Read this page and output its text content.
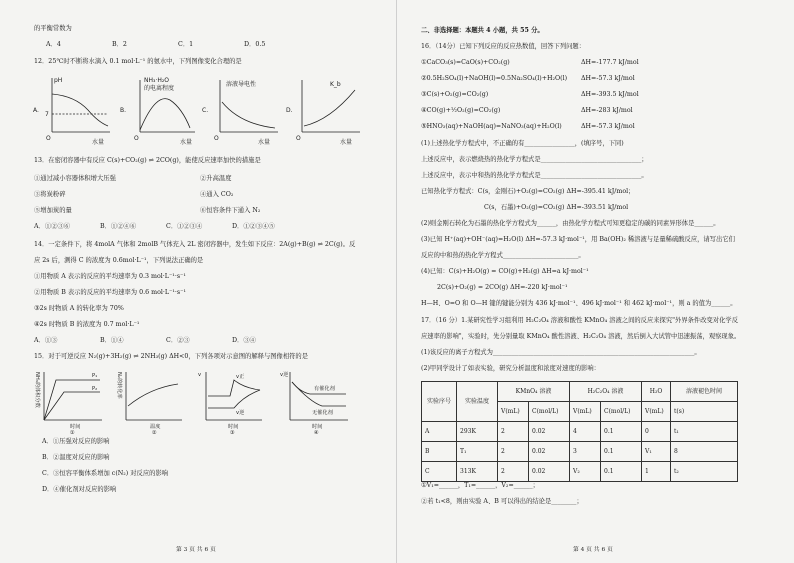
的平衡常数为
A．4	B．2	C．1	D．0.5
12．25℃时不断将水滴入 0.1 mol·L⁻¹ 的氨水中，下列图像变化合理的是
A.
pH
7
O
水量
B.
NH₃·H₂O
的电离程度
O
水量
C.
溶液导电性
O
水量
D.
K_b
O
水量
13．在密闭容器中有反应 C(s)+CO₂(g) ⇌ 2CO(g)，能使反应速率加快的措施是
①通过减小容器体积增大压强	②升高温度
③将炭粉碎	④通入 CO₂
⑤增加炭的量	⑥恒容条件下通入 N₂
A．①②③⑥	B．①②④⑥	C．①②③④	D．①②③④⑤
14．一定条件下，将 4molA 气体和 2molB 气体充入 2L 密闭容器中，发生如下反应：2A(g)+B(g) ⇌ 2C(g)。反
应 2s 后，测得 C 的浓度为 0.6mol·L⁻¹，下列说法正确的是
①用物质 A 表示的反应的平均速率为 0.3 mol·L⁻¹·s⁻¹
②用物质 B 表示的反应的平均速率为 0.6 mol·L⁻¹·s⁻¹
③2s 时物质 A 的转化率为 70%
④2s 时物质 B 的浓度为 0.7 mol·L⁻¹
A．①③	B．①④	C．②③	D．③④
15．对于可逆反应 N₂(g)+3H₂(g) ⇌ 2NH₃(g) ΔH<0，下列各项对示意图的解释与图像相符的是
NH₃的体积分数	P₁
P₂
时间
①
N₂的转化率
温度
②
v	v正
v逆
时间
③
v逆
有催化剂
无催化剂
时间
④
A．①压强对反应的影响
B．②温度对反应的影响
C．③恒容平衡体系增加 c(N₂) 对反应的影响
D．④催化剂对反应的影响
第 3 页 共 6 页
二、非选择题：本题共 4 小题，共 55 分。
16．（14分）已知下列反应的反应热数值，回答下列问题：
①CaCO₃(s)=CaO(s)+CO₂(g)	ΔH=-177.7 kJ/mol
②0.5H₂SO₄(l)+NaOH(l)=0.5Na₂SO₄(l)+H₂O(l) ΔH=-57.3 kJ/mol
③C(s)+O₂(g)=CO₂(g)	ΔH=-393.5 kJ/mol
④CO(g)+½O₂(g)=CO₂(g)	ΔH=-283 kJ/mol
⑤HNO₃(aq)+NaOH(aq)=NaNO₃(aq)+H₂O(l)	ΔH=-57.3 kJ/mol
(1)上述热化学方程式中，不正确的有________________，(填序号，下同)
上述反应中，表示燃烧热的热化学方程式是________________________________；
上述反应中，表示中和热的热化学方程式是________________________________。
已知热化学方程式：C(s，金刚石)+O₂(g)=CO₂(g) ΔH=-395.41 kJ/mol；
C(s，石墨)+O₂(g)=CO₂(g) ΔH=-393.51 kJ/mol
(2)则金刚石转化为石墨的热化学方程式为______，由热化学方程式可知更稳定的碳的同素异形体是______。
(3)已知 H⁺(aq)+OH⁻(aq)=H₂O(l) ΔH=-57.3 kJ·mol⁻¹，用 Ba(OH)₂ 稀溶液与足量稀硫酸反应，请写出它们
反应的中和热的热化学方程式________________________。
(4)已知：C(s)+H₂O(g) = CO(g)+H₂(g) ΔH=a kJ·mol⁻¹
2C(s)+O₂(g) = 2CO(g) ΔH=-220 kJ·mol⁻¹
H—H、O=O 和 O—H 键的键能分别为 436 kJ·mol⁻¹、496 kJ·mol⁻¹ 和 462 kJ·mol⁻¹，则 a 的值为______。
17．（16 分）1.某研究性学习组利用 H₂C₂O₄ 溶液和酸性 KMnO₄ 溶液之间的反应来探究"外界条件改变对化学反
应速率的影响"，实验时，先分别量取 KMnO₄ 酸性溶液、H₂C₂O₄ 溶液，然后倒入大试管中迅速振荡，观察现象。
(1)该反应的离子方程式为________________________________________________________________。
(2)甲同学设计了如表实验，研究分析温度和浓度对速度的影响：
实验序号	实验温度	KMnO₄ 溶液		H₂C₂O₄ 溶液		H₂O	溶液褪色时间
		V(mL)	C(mol/L)	V(mL)	C(mol/L)	V(mL)	t(s)
A	293K	2	0.02	4	0.1	0	t₁
B	T₁	2	0.02	3	0.1	V₁	8
C	313K	2	0.02	V₂	0.1	1	t₂
①V₁=______，T₁=______，V₂=______；
②若 t₁<8，则由实验 A、B 可以得出的结论是________；
第 4 页 共 6 页
